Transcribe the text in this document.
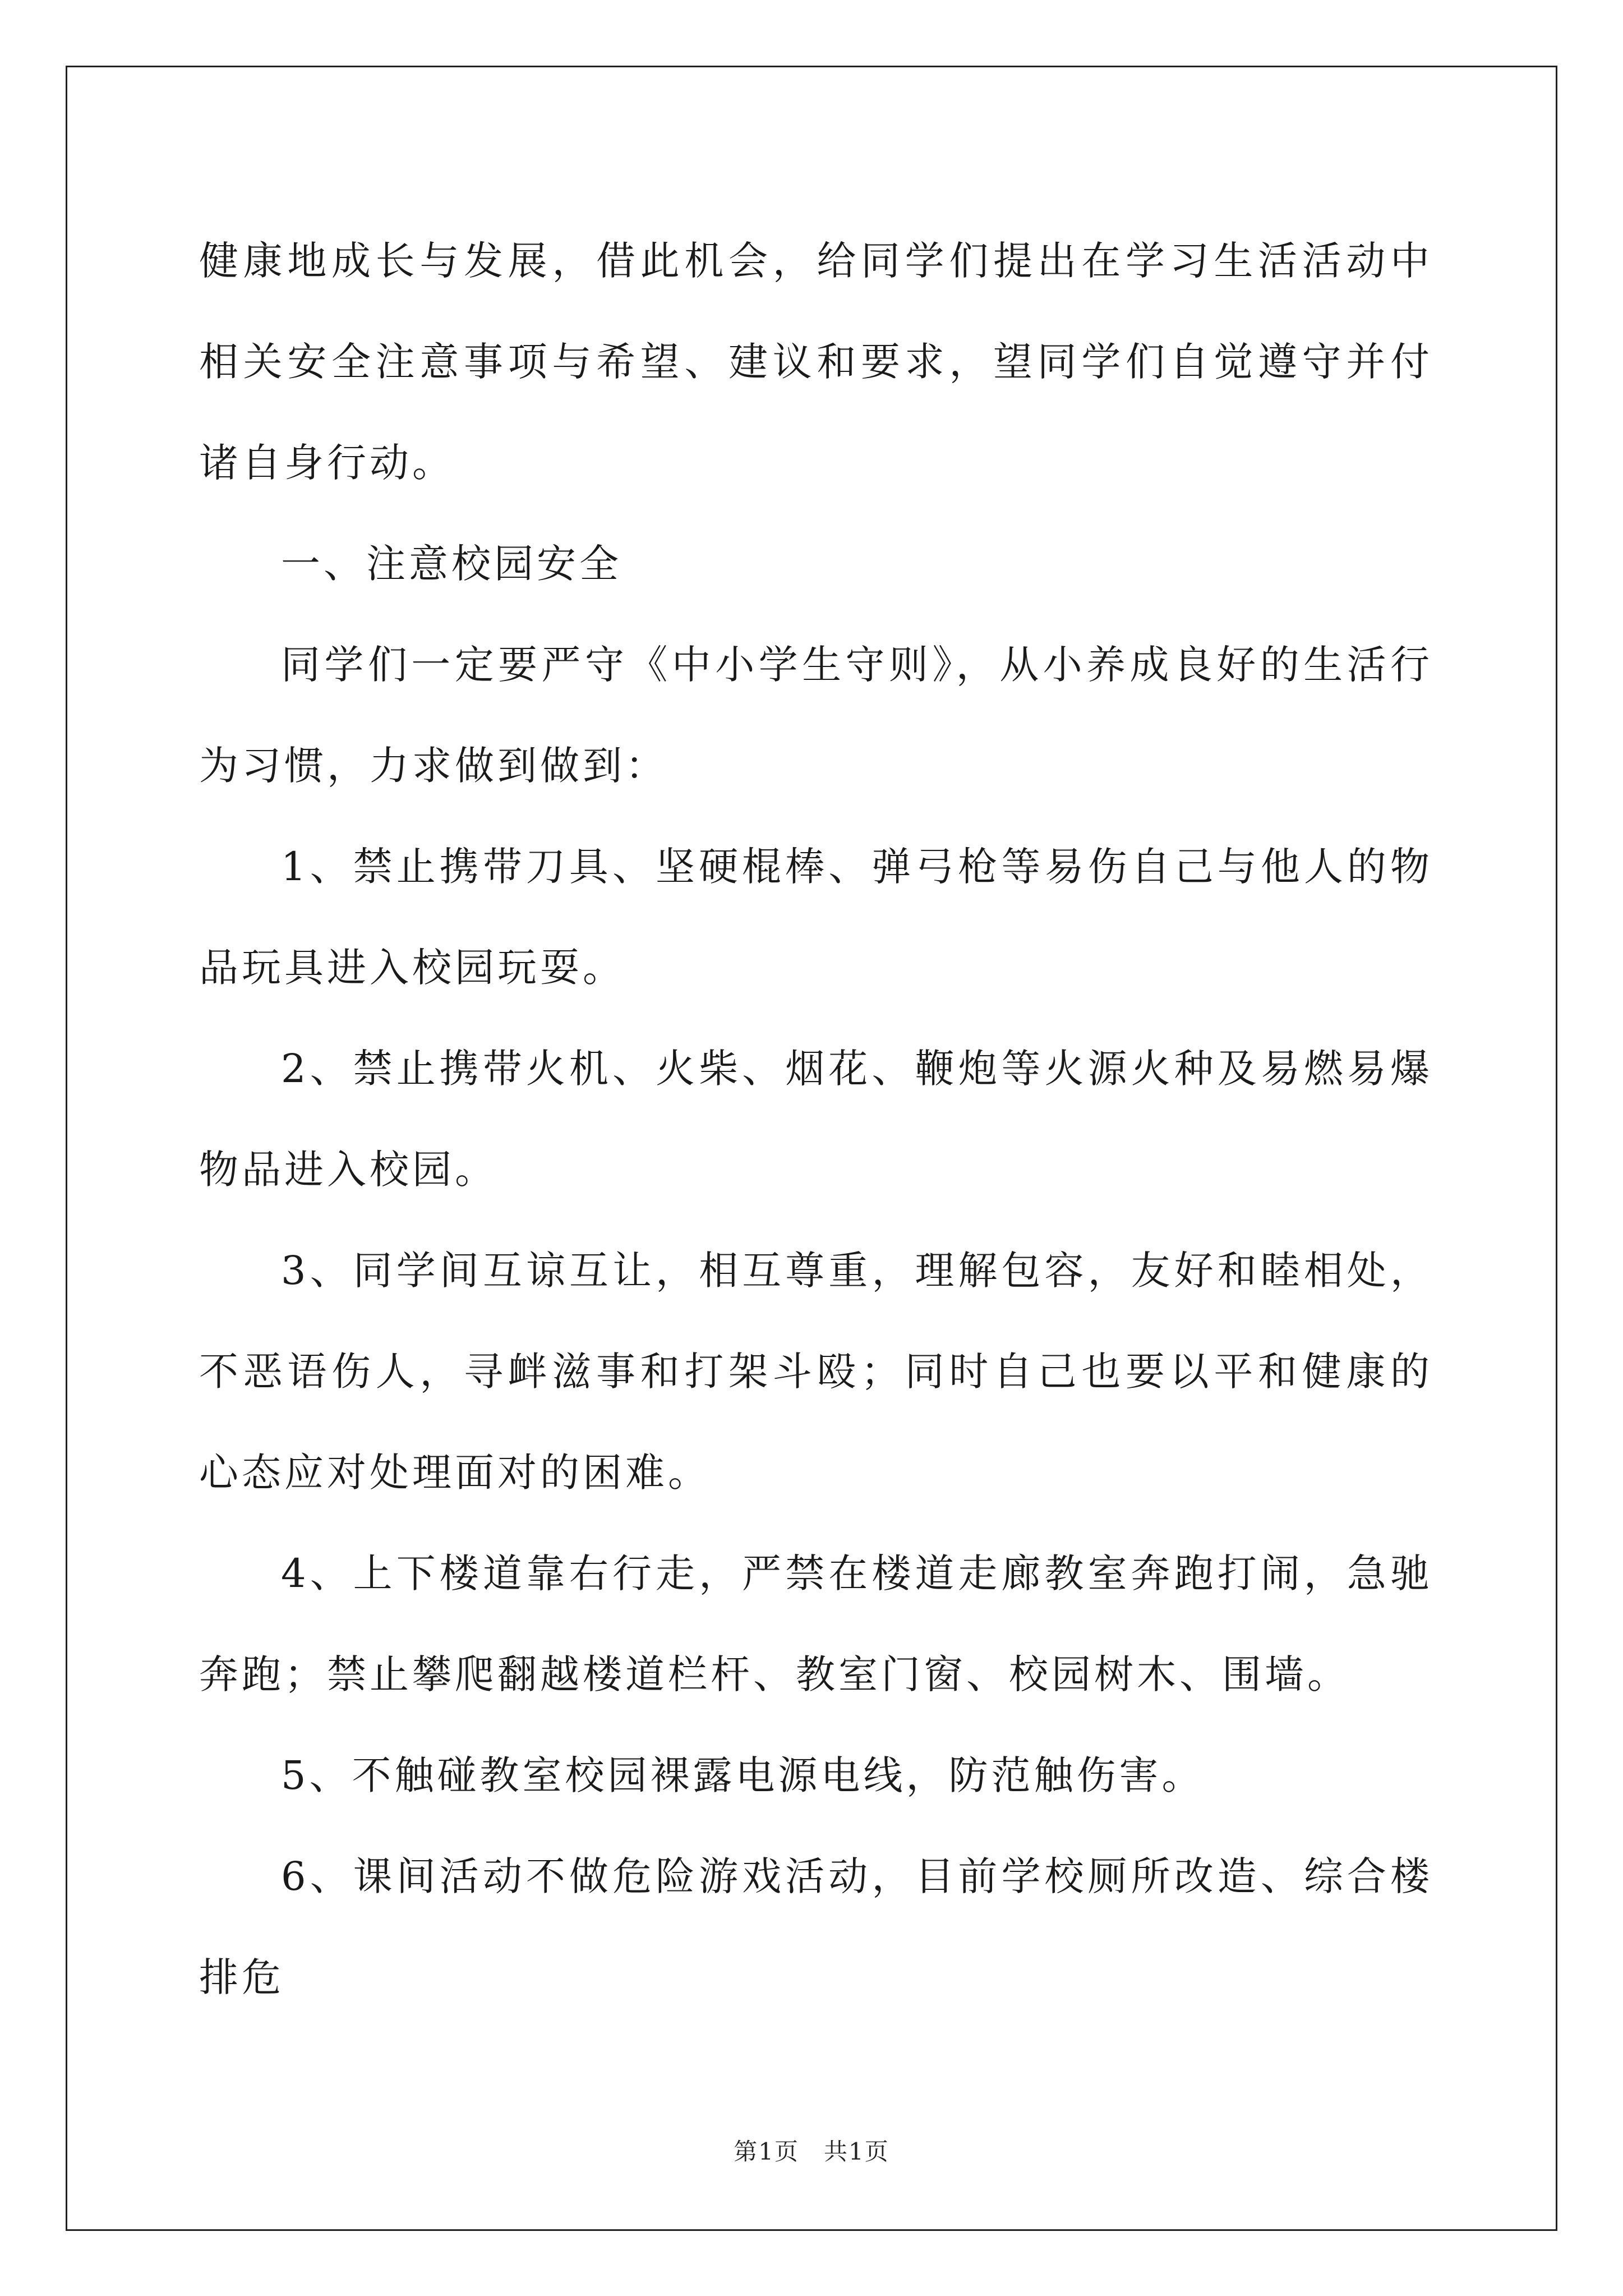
健康地成长与发展，借此机会，给同学们提出在学习生活活动中相关安全注意事项与希望、建议和要求，望同学们自觉遵守并付诸自身行动。

一、注意校园安全

同学们一定要严守《中小学生守则》，从小养成良好的生活行为习惯，力求做到做到：

1、禁止携带刀具、坚硬棍棒、弹弓枪等易伤自己与他人的物品玩具进入校园玩耍。

2、禁止携带火机、火柴、烟花、鞭炮等火源火种及易燃易爆物品进入校园。

3、同学间互谅互让，相互尊重，理解包容，友好和睦相处，不恶语伤人，寻衅滋事和打架斗殴；同时自己也要以平和健康的心态应对处理面对的困难。

4、上下楼道靠右行走，严禁在楼道走廊教室奔跑打闹，急驰奔跑；禁止攀爬翻越楼道栏杆、教室门窗、校园树木、围墙。

5、不触碰教室校园裸露电源电线，防范触伤害。

6、课间活动不做危险游戏活动，目前学校厕所改造、综合楼排危

第1页　共1页
